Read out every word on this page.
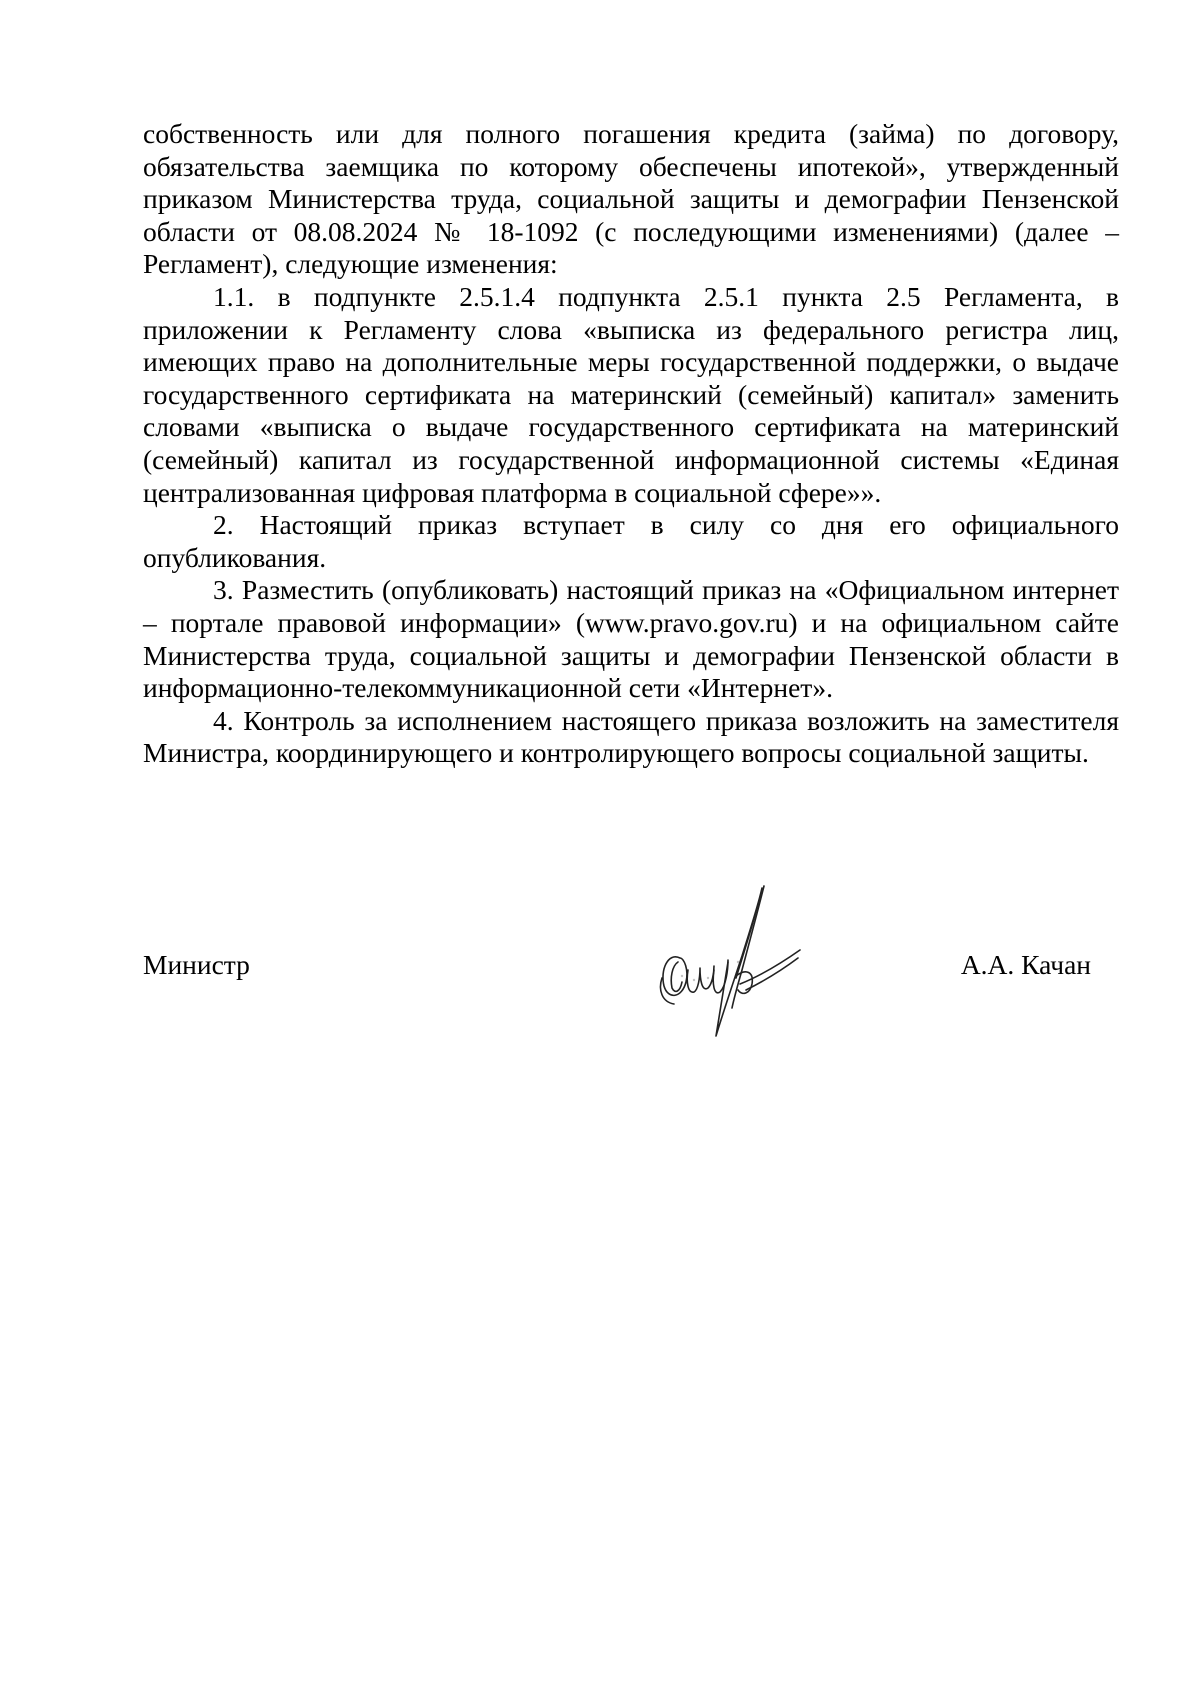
собственность или для полного погашения кредита (займа) по договору, обязательства заемщика по которому обеспечены ипотекой», утвержденный приказом Министерства труда, социальной защиты и демографии Пензенской области от 08.08.2024 № 18-1092 (с последующими изменениями) (далее – Регламент), следующие изменения:

1.1. в подпункте 2.5.1.4 подпункта 2.5.1 пункта 2.5 Регламента, в приложении к Регламенту слова «выписка из федерального регистра лиц, имеющих право на дополнительные меры государственной поддержки, о выдаче государственного сертификата на материнский (семейный) капитал» заменить словами «выписка о выдаче государственного сертификата на материнский (семейный) капитал из государственной информационной системы «Единая централизованная цифровая платформа в социальной сфере»».

2. Настоящий приказ вступает в силу со дня его официального опубликования.

3. Разместить (опубликовать) настоящий приказ на «Официальном интернет – портале правовой информации» (www.pravo.gov.ru) и на официальном сайте Министерства труда, социальной защиты и демографии Пензенской области в информационно-телекоммуникационной сети «Интернет».

4. Контроль за исполнением настоящего приказа возложить на заместителя Министра, координирующего и контролирующего вопросы социальной защиты.

Министр	А.А. Качан
